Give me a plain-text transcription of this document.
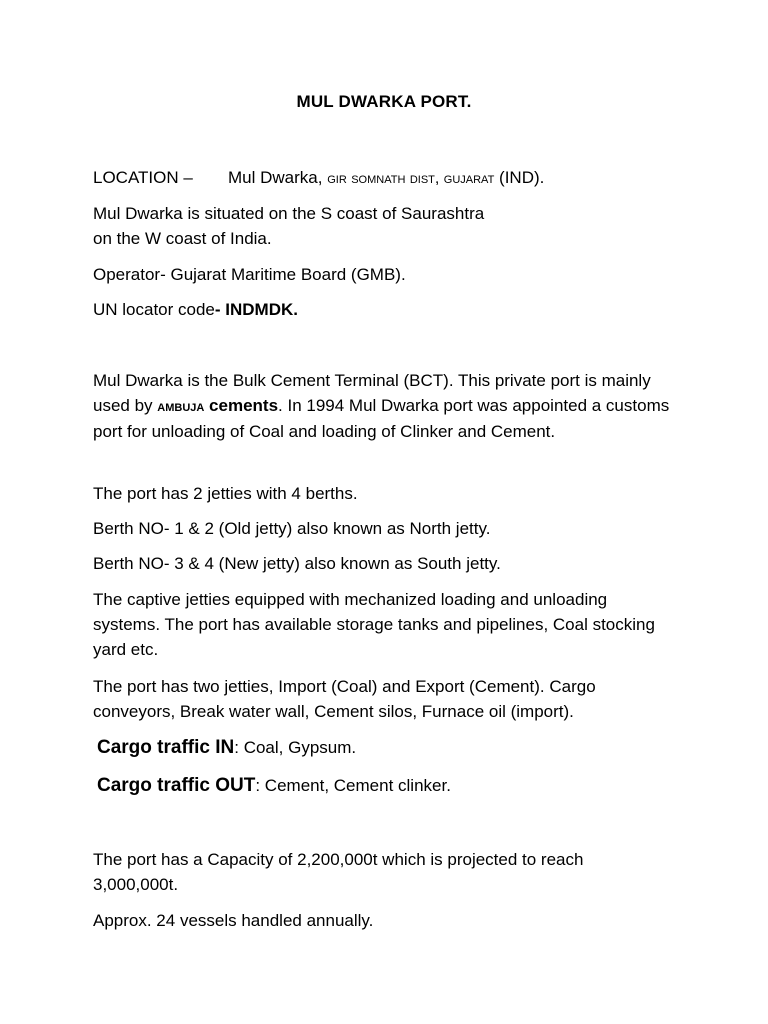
MUL DWARKA PORT.
LOCATION – Mul Dwarka, gir somnath dist, gujarat (IND).
Mul Dwarka is situated on the S coast of Saurashtra
on the W coast of India.
Operator- Gujarat Maritime Board (GMB).
UN locator code- INDMDK.
Mul Dwarka is the Bulk Cement Terminal (BCT). This private port is mainly used by ambuja cements. In 1994 Mul Dwarka port was appointed a customs port for unloading of Coal and loading of Clinker and Cement.
The port has 2 jetties with 4 berths.
Berth NO- 1 & 2 (Old jetty) also known as North jetty.
Berth NO- 3 & 4 (New jetty) also known as South jetty.
The captive jetties equipped with mechanized loading and unloading systems. The port has available storage tanks and pipelines, Coal stocking yard etc.
The port has two jetties, Import (Coal) and Export (Cement). Cargo conveyors, Break water wall, Cement silos, Furnace oil (import).
Cargo traffic IN: Coal, Gypsum.
Cargo traffic OUT: Cement, Cement clinker.
The port has a Capacity of 2,200,000t which is projected to reach 3,000,000t.
Approx. 24 vessels handled annually.
